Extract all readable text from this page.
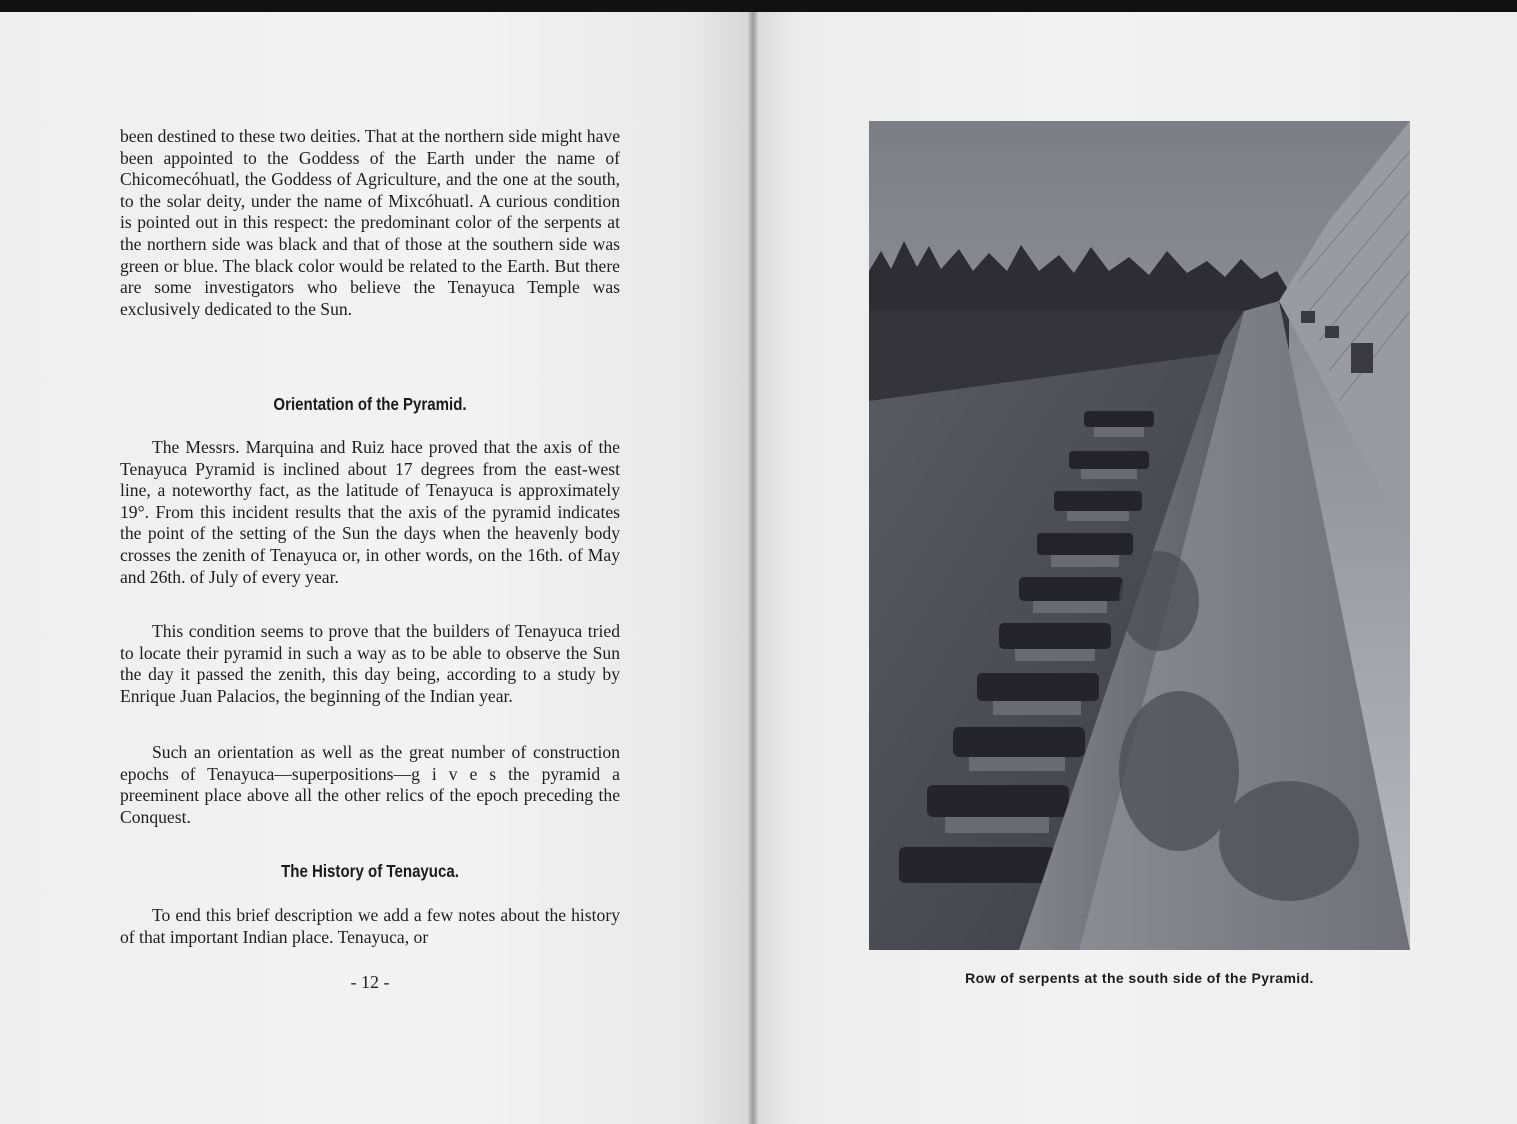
been destined to these two deities. That at the northern side might have been appointed to the Goddess of the Earth under the name of Chicomecóhuatl, the Goddess of Agriculture, and the one at the south, to the solar deity, under the name of Mixcóhuatl. A curious condition is pointed out in this respect: the predominant color of the serpents at the northern side was black and that of those at the southern side was green or blue. The black color would be related to the Earth. But there are some investigators who believe the Tenayuca Temple was exclusively dedicated to the Sun.

Orientation of the Pyramid.

The Messrs. Marquina and Ruiz hace proved that the axis of the Tenayuca Pyramid is inclined about 17 degrees from the east-west line, a noteworthy fact, as the latitude of Tenayuca is approximately 19°. From this incident results that the axis of the pyramid indicates the point of the setting of the Sun the days when the heavenly body crosses the zenith of Tenayuca or, in other words, on the 16th. of May and 26th. of July of every year.

This condition seems to prove that the builders of Tenayuca tried to locate their pyramid in such a way as to be able to observe the Sun the day it passed the zenith, this day being, according to a study by Enrique Juan Palacios, the beginning of the Indian year.

Such an orientation as well as the great number of construction epochs of Tenayuca—superpositions—g i v e s the pyramid a preeminent place above all the other relics of the epoch preceding the Conquest.

The History of Tenayuca.

To end this brief description we add a few notes about the history of that important Indian place. Tenayuca, or

- 12 -	Row of serpents at the south side of the Pyramid.
